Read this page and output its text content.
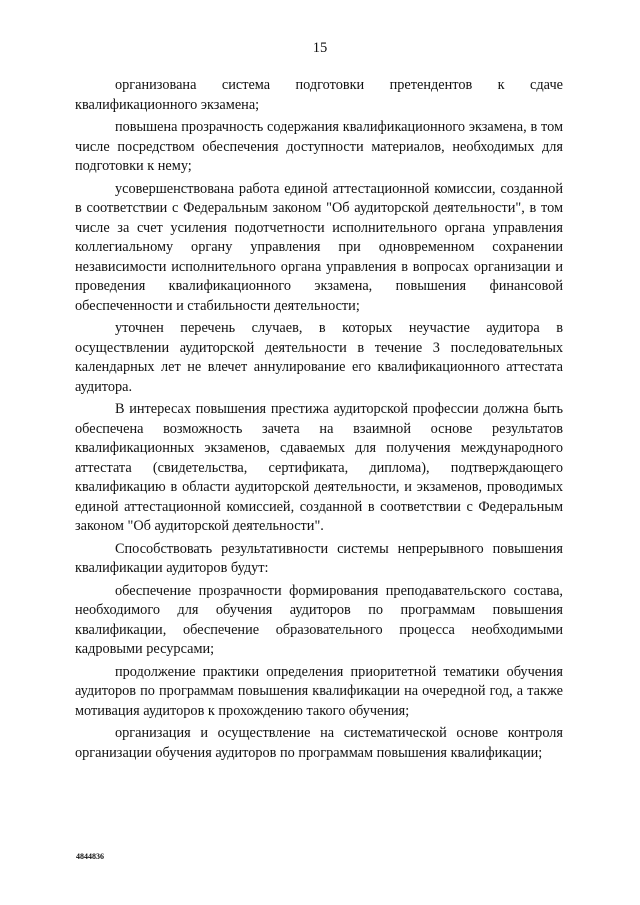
15

организована система подготовки претендентов к сдаче квалификационного экзамена;

повышена прозрачность содержания квалификационного экзамена, в том числе посредством обеспечения доступности материалов, необходимых для подготовки к нему;

усовершенствована работа единой аттестационной комиссии, созданной в соответствии с Федеральным законом "Об аудиторской деятельности", в том числе за счет усиления подотчетности исполнительного органа управления коллегиальному органу управления при одновременном сохранении независимости исполнительного органа управления в вопросах организации и проведения квалификационного экзамена, повышения финансовой обеспеченности и стабильности деятельности;

уточнен перечень случаев, в которых неучастие аудитора в осуществлении аудиторской деятельности в течение 3 последовательных календарных лет не влечет аннулирование его квалификационного аттестата аудитора.

В интересах повышения престижа аудиторской профессии должна быть обеспечена возможность зачета на взаимной основе результатов квалификационных экзаменов, сдаваемых для получения международного аттестата (свидетельства, сертификата, диплома), подтверждающего квалификацию в области аудиторской деятельности, и экзаменов, проводимых единой аттестационной комиссией, созданной в соответствии с Федеральным законом "Об аудиторской деятельности".

Способствовать результативности системы непрерывного повышения квалификации аудиторов будут:

обеспечение прозрачности формирования преподавательского состава, необходимого для обучения аудиторов по программам повышения квалификации, обеспечение образовательного процесса необходимыми кадровыми ресурсами;

продолжение практики определения приоритетной тематики обучения аудиторов по программам повышения квалификации на очередной год, а также мотивация аудиторов к прохождению такого обучения;

организация и осуществление на систематической основе контроля организации обучения аудиторов по программам повышения квалификации;

4844836
